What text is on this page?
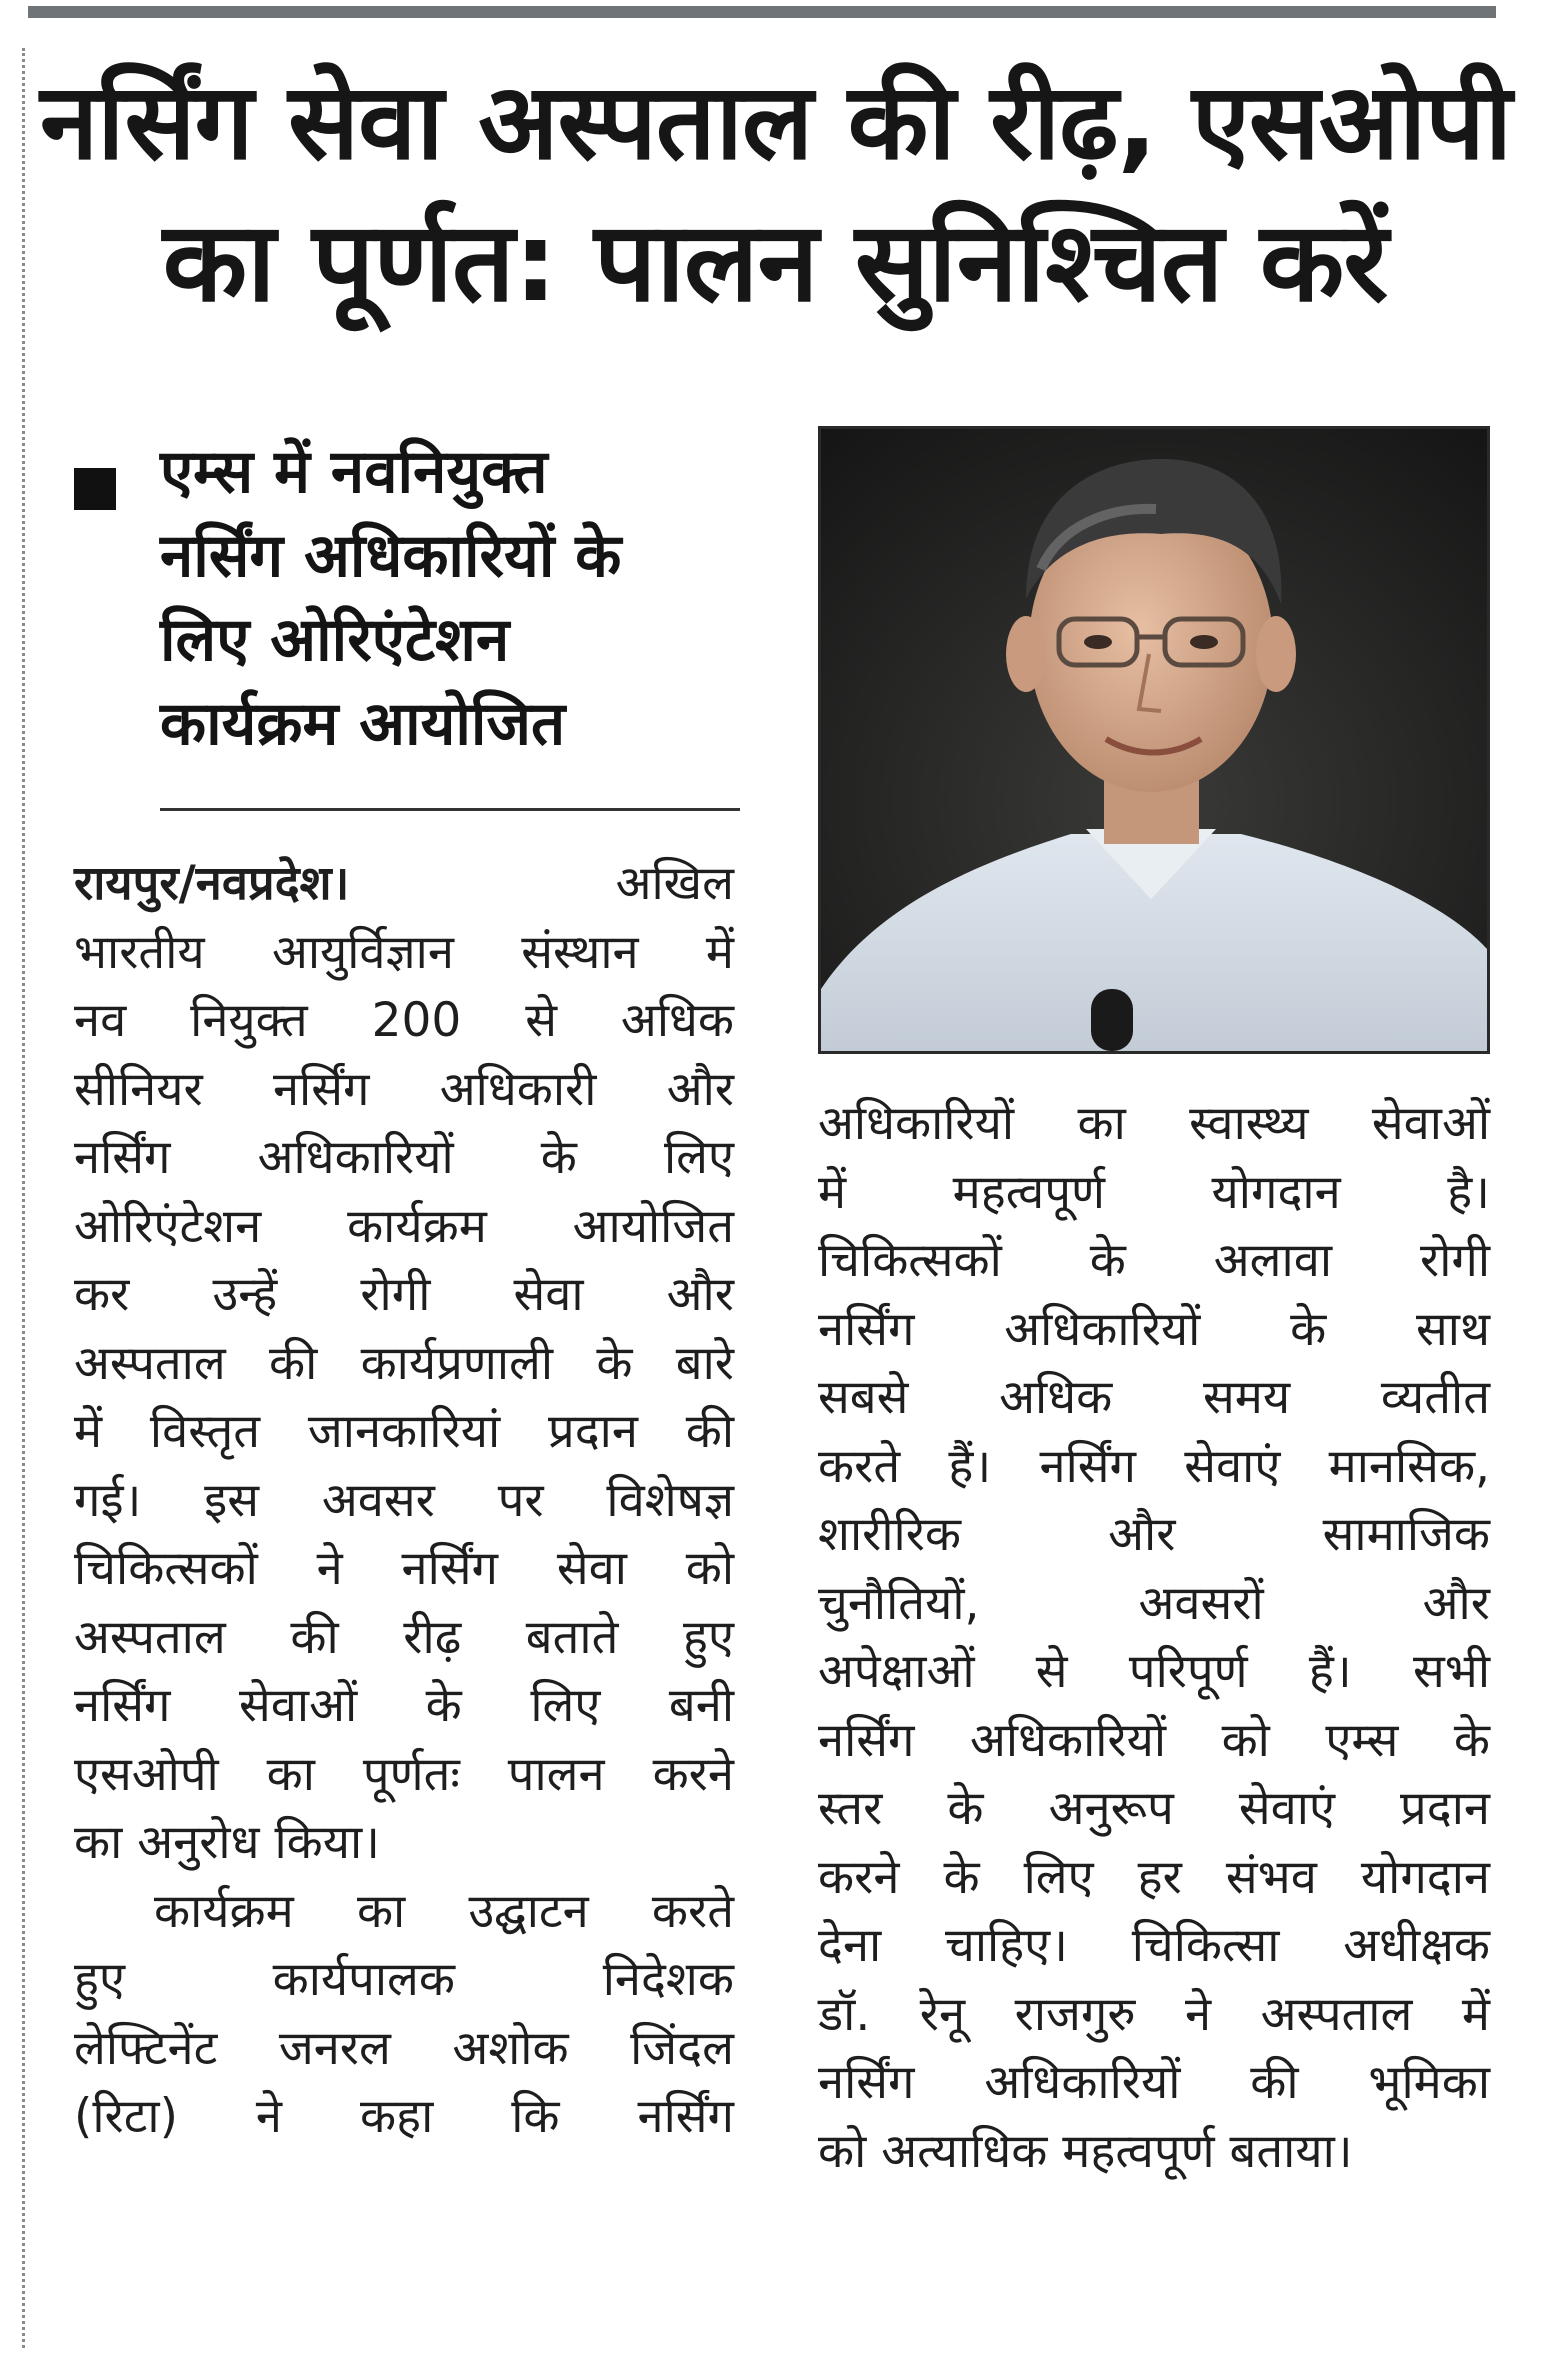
नर्सिंग सेवा अस्पताल की रीढ़, एसओपी
का पूर्णत: पालन सुनिश्चित करें
एम्स में नवनियुक्त
नर्सिंग अधिकारियों के
लिए ओरिएंटेशन
कार्यक्रम आयोजित
रायपुर/नवप्रदेश।	अखिल
भारतीय आयुर्विज्ञान संस्थान में
नव नियुक्त 200 से अधिक
सीनियर नर्सिंग अधिकारी और
नर्सिंग अधिकारियों के लिए
ओरिएंटेशन कार्यक्रम आयोजित
कर उन्हें रोगी सेवा और
अस्पताल की कार्यप्रणाली के बारे
में विस्तृत जानकारियां प्रदान की
गई। इस अवसर पर विशेषज्ञ
चिकित्सकों ने नर्सिंग सेवा को
अस्पताल की रीढ़ बताते हुए
नर्सिंग सेवाओं के लिए बनी
एसओपी का पूर्णतः पालन करने
का अनुरोध किया।
कार्यक्रम का उद्घाटन करते
हुए कार्यपालक निदेशक
लेफ्टिनेंट जनरल अशोक जिंदल
(रिटा) ने कहा कि नर्सिंग
अधिकारियों का स्वास्थ्य सेवाओं
में महत्वपूर्ण योगदान है।
चिकित्सकों के अलावा रोगी
नर्सिंग अधिकारियों के साथ
सबसे अधिक समय व्यतीत
करते हैं। नर्सिंग सेवाएं मानसिक,
शारीरिक और सामाजिक
चुनौतियों, अवसरों और
अपेक्षाओं से परिपूर्ण हैं। सभी
नर्सिंग अधिकारियों को एम्स के
स्तर के अनुरूप सेवाएं प्रदान
करने के लिए हर संभव योगदान
देना चाहिए। चिकित्सा अधीक्षक
डॉ. रेनू राजगुरु ने अस्पताल में
नर्सिंग अधिकारियों की भूमिका
को अत्याधिक महत्वपूर्ण बताया।
